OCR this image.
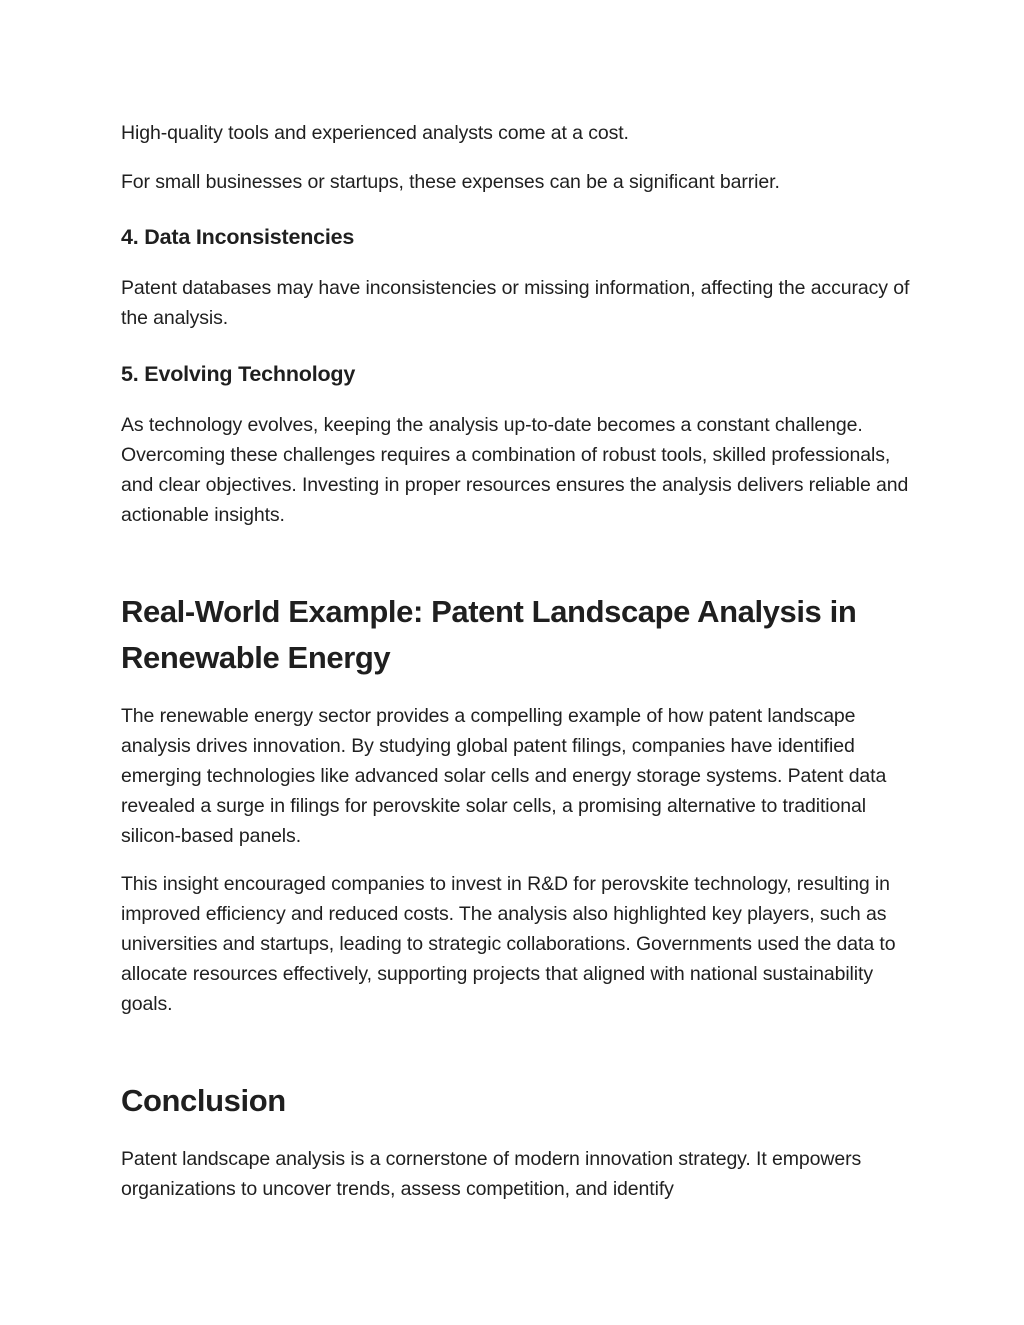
High-quality tools and experienced analysts come at a cost.

For small businesses or startups, these expenses can be a significant barrier.

4. Data Inconsistencies

Patent databases may have inconsistencies or missing information, affecting the accuracy of the analysis.

5. Evolving Technology

As technology evolves, keeping the analysis up-to-date becomes a constant challenge. Overcoming these challenges requires a combination of robust tools, skilled professionals, and clear objectives. Investing in proper resources ensures the analysis delivers reliable and actionable insights.

Real-World Example: Patent Landscape Analysis in Renewable Energy

The renewable energy sector provides a compelling example of how patent landscape analysis drives innovation. By studying global patent filings, companies have identified emerging technologies like advanced solar cells and energy storage systems. Patent data revealed a surge in filings for perovskite solar cells, a promising alternative to traditional silicon-based panels.

This insight encouraged companies to invest in R&D for perovskite technology, resulting in improved efficiency and reduced costs. The analysis also highlighted key players, such as universities and startups, leading to strategic collaborations. Governments used the data to allocate resources effectively, supporting projects that aligned with national sustainability goals.

Conclusion

Patent landscape analysis is a cornerstone of modern innovation strategy. It empowers organizations to uncover trends, assess competition, and identify
